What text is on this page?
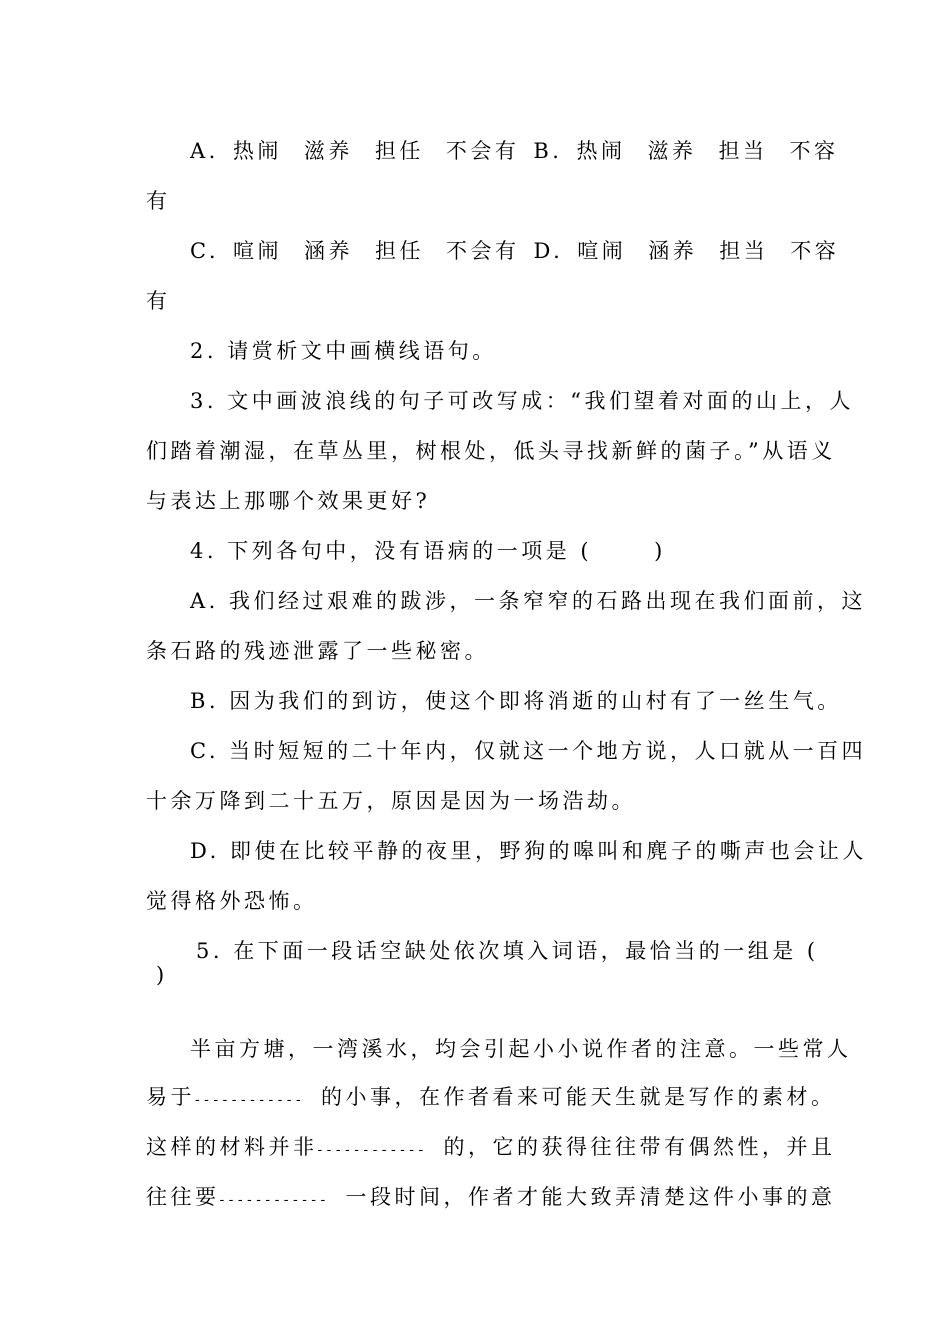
A. 热闹 滋养 担任 不会有 B. 热闹 滋养 担当 不容
有
C. 喧闹 涵养 担任 不会有 D. 喧闹 涵养 担当 不容
有
2. 请赏析文中画横线语句。
3. 文中画波浪线的句子可改写成：“我们望着对面的山上，人
们踏着潮湿，在草丛里，树根处，低头寻找新鲜的菌子。”从语义
与表达上那哪个效果更好?
4. 下列各句中，没有语病的一项是 (	)
A. 我们经过艰难的跋涉，一条窄窄的石路出现在我们面前，这
条石路的残迹泄露了一些秘密。
B. 因为我们的到访，使这个即将消逝的山村有了一丝生气。
C. 当时短短的二十年内，仅就这一个地方说，人口就从一百四
十余万降到二十五万，原因是因为一场浩劫。
D. 即使在比较平静的夜里，野狗的嗥叫和麂子的嘶声也会让人
觉得格外恐怖。
5. 在下面一段话空缺处依次填入词语，最恰当的一组是 (
)
半亩方塘，一湾溪水，均会引起小小说作者的注意。一些常人
易于 - - -	的小事，在作者看来可能天生就是写作的素材。
这样的材料并非 - - -	的，它的获得往往带有偶然性，并且
往往要 - - -	一段时间，作者才能大致弄清楚这件小事的意
